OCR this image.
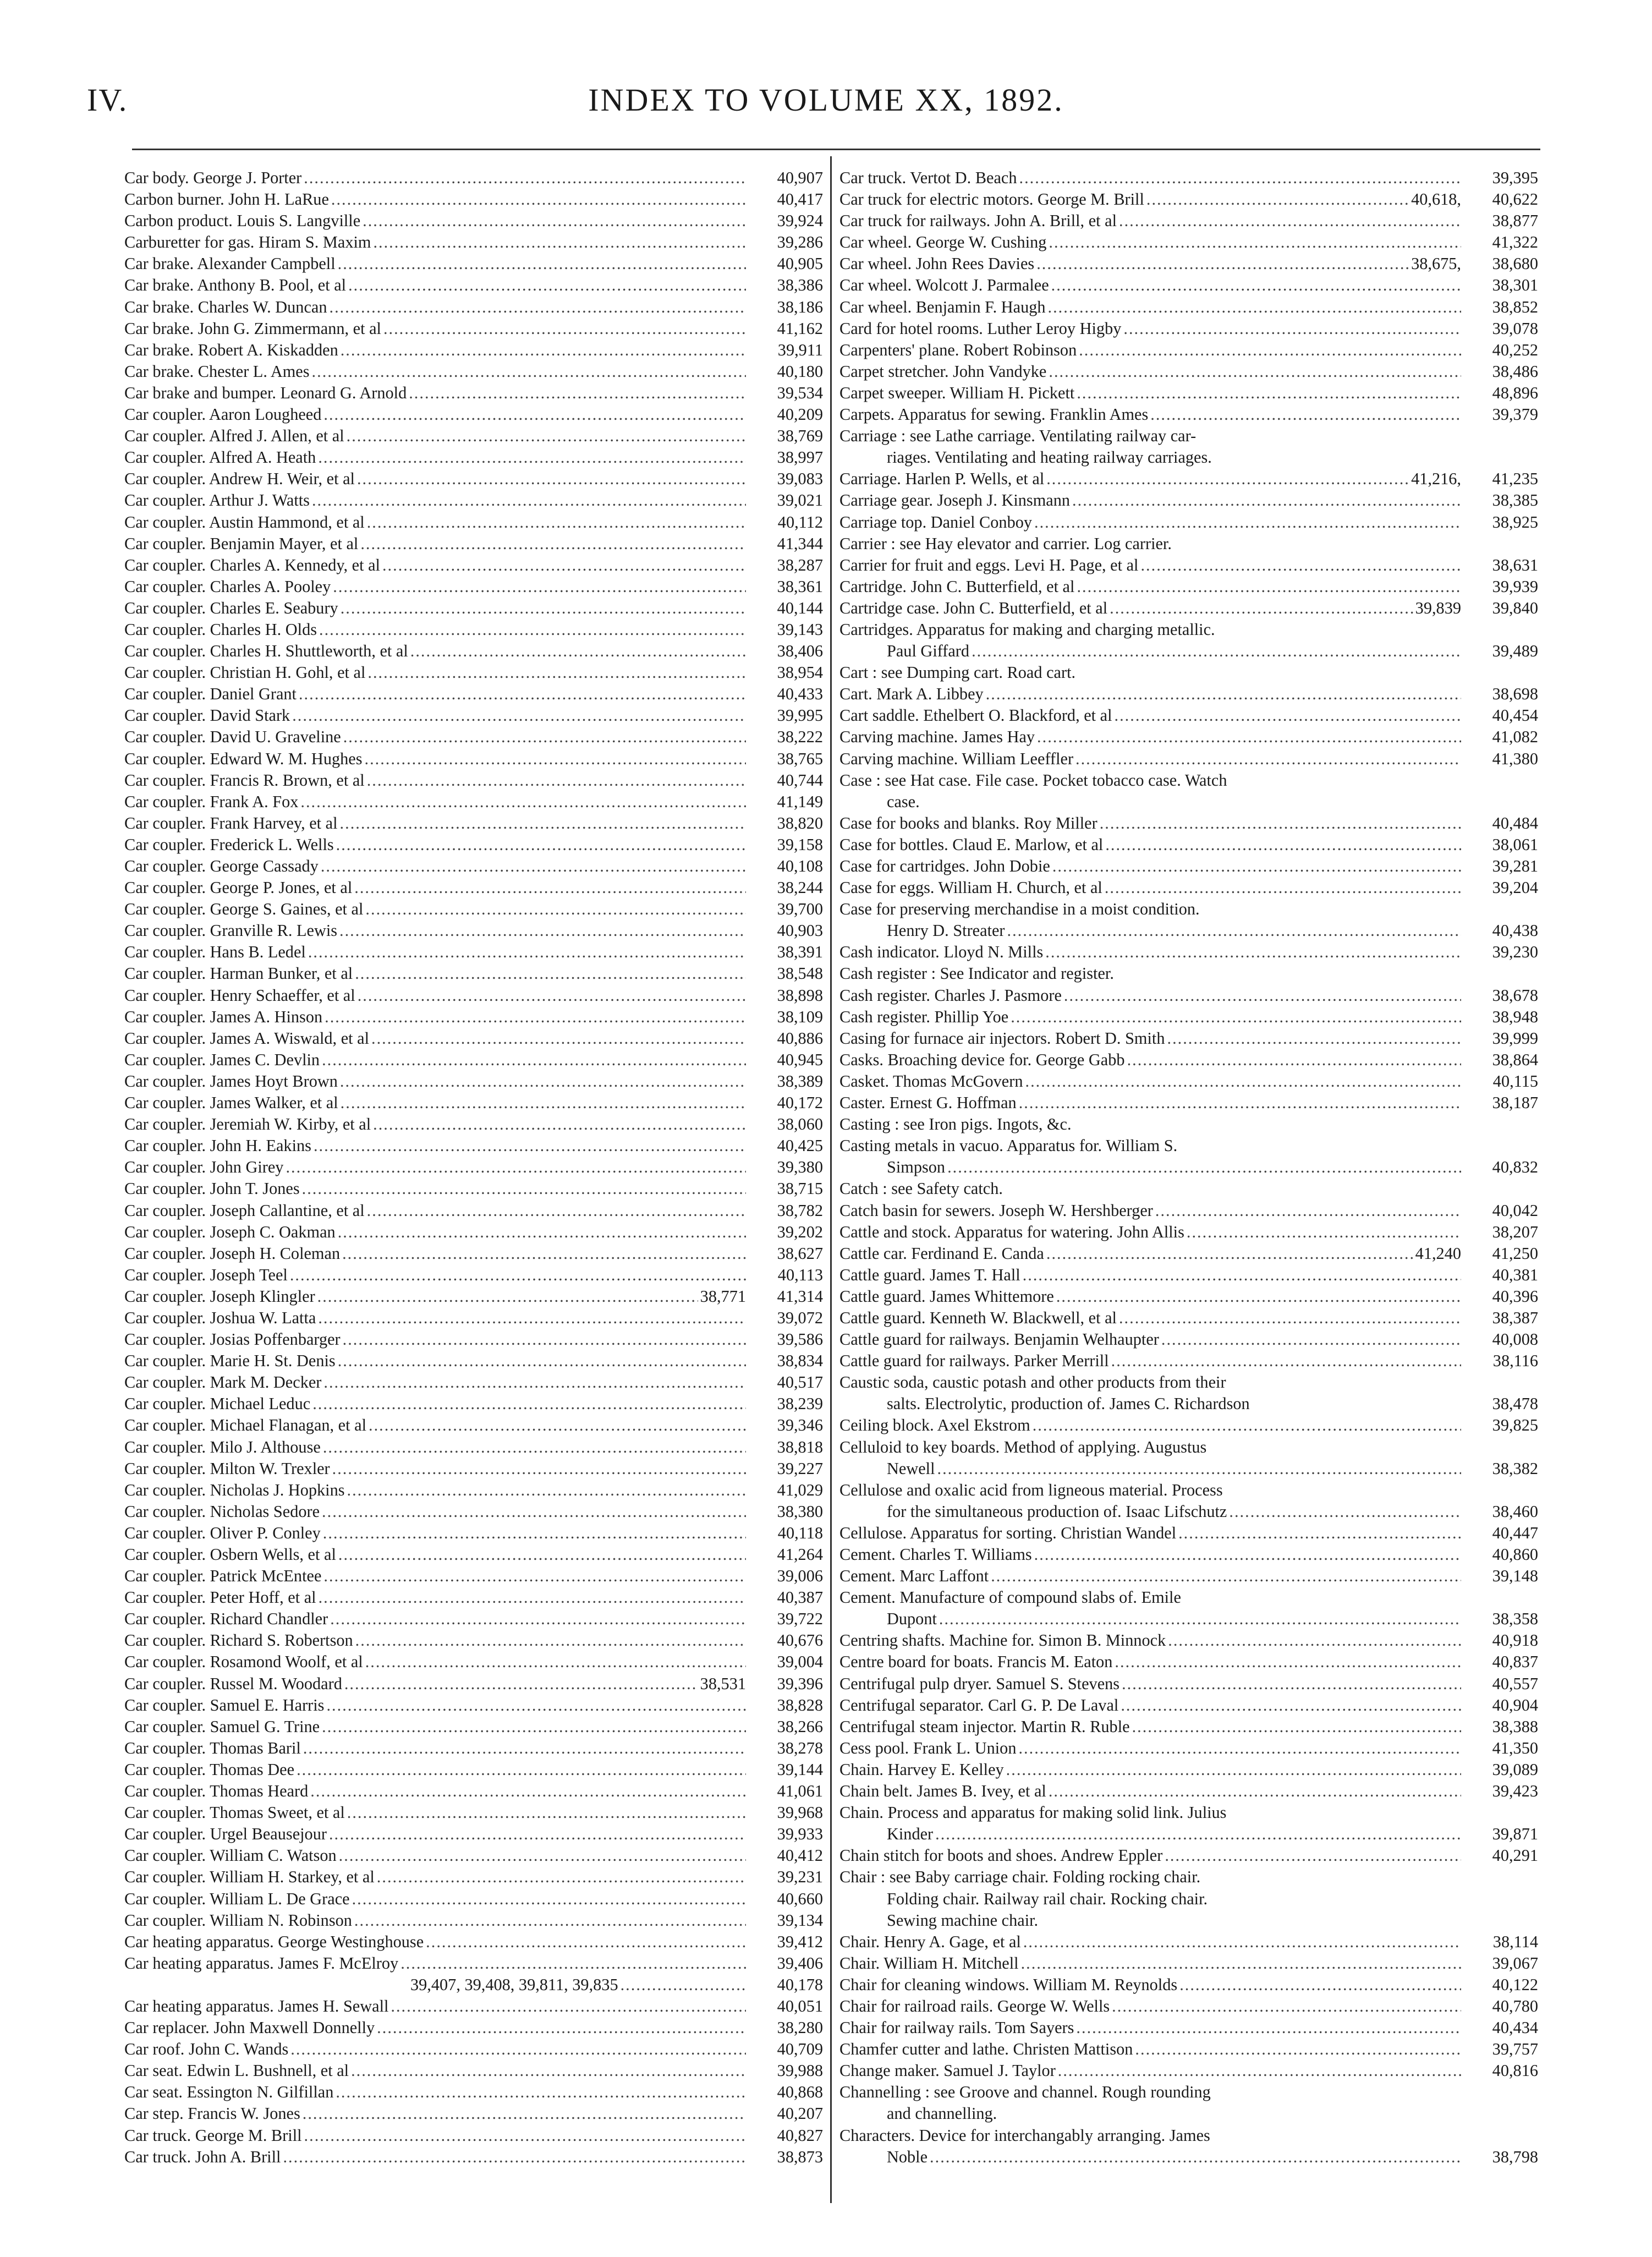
INDEX TO VOLUME XX, 1892.
IV.
Car body. George J. Porter .....	40,907
Carbon burner. John H. LaRue .....	40,417
Carbon product. Louis S. Langville .....	39,924
Carburetter for gas. Hiram S. Maxim .....	39,286
Car brake. Alexander Campbell .....	40,905
Car brake. Anthony B. Pool, et al .....	38,386
Car brake. Charles W. Duncan .....	38,186
Car brake. John G. Zimmermann, et al .....	41,162
Car brake. Robert A. Kiskadden .....	39,911
Car brake. Chester L. Ames .....	40,180
Car brake and bumper. Leonard G. Arnold .....	39,534
Car coupler. Aaron Lougheed .....	40,209
Car coupler. Alfred J. Allen, et al .....	38,769
Car coupler. Alfred A. Heath .....	38,997
Car coupler. Andrew H. Weir, et al .....	39,083
Car coupler. Arthur J. Watts .....	39,021
Car coupler. Austin Hammond, et al .....	40,112
Car coupler. Benjamin Mayer, et al .....	41,344
Car coupler. Charles A. Kennedy, et al .....	38,287
Car coupler. Charles A. Pooley .....	38,361
Car coupler. Charles E. Seabury .....	40,144
Car coupler. Charles H. Olds .....	39,143
Car coupler. Charles H. Shuttleworth, et al .....	38,406
Car coupler. Christian H. Gohl, et al .....	38,954
Car coupler. Daniel Grant .....	40,433
Car coupler. David Stark .....	39,995
Car coupler. David U. Graveline .....	38,222
Car coupler. Edward W. M. Hughes .....	38,765
Car coupler. Francis R. Brown, et al .....	40,744
Car coupler. Frank A. Fox .....	41,149
Car coupler. Frank Harvey, et al .....	38,820
Car coupler. Frederick L. Wells .....	39,158
Car coupler. George Cassady .....	40,108
Car coupler. George P. Jones, et al .....	38,244
Car coupler. George S. Gaines, et al .....	39,700
Car coupler. Granville R. Lewis .....	40,903
Car coupler. Hans B. Ledel .....	38,391
Car coupler. Harman Bunker, et al .....	38,548
Car coupler. Henry Schaeffer, et al .....	38,898
Car coupler. James A. Hinson .....	38,109
Car coupler. James A. Wiswald, et al .....	40,886
Car coupler. James C. Devlin .....	40,945
Car coupler. James Hoyt Brown .....	38,389
Car coupler. James Walker, et al .....	40,172
Car coupler. Jeremiah W. Kirby, et al .....	38,060
Car coupler. John H. Eakins .....	40,425
Car coupler. John Girey .....	39,380
Car coupler. John T. Jones .....	38,715
Car coupler. Joseph Callantine, et al .....	38,782
Car coupler. Joseph C. Oakman .....	39,202
Car coupler. Joseph H. Coleman .....	38,627
Car coupler. Joseph Teel .....	40,113
Car coupler. Joseph Klingler .....	38,771	41,314
Car coupler. Joshua W. Latta .....	39,072
Car coupler. Josias Poffenbarger .....	39,586
Car coupler. Marie H. St. Denis .....	38,834
Car coupler. Mark M. Decker .....	40,517
Car coupler. Michael Leduc .....	38,239
Car coupler. Michael Flanagan, et al .....	39,346
Car coupler. Milo J. Althouse .....	38,818
Car coupler. Milton W. Trexler .....	39,227
Car coupler. Nicholas J. Hopkins .....	41,029
Car coupler. Nicholas Sedore .....	38,380
Car coupler. Oliver P. Conley .....	40,118
Car coupler. Osbern Wells, et al .....	41,264
Car coupler. Patrick McEntee .....	39,006
Car coupler. Peter Hoff, et al .....	40,387
Car coupler. Richard Chandler .....	39,722
Car coupler. Richard S. Robertson .....	40,676
Car coupler. Rosamond Woolf, et al .....	39,004
Car coupler. Russel M. Woodard .....	38,531	39,396
Car coupler. Samuel E. Harris .....	38,828
Car coupler. Samuel G. Trine .....	38,266
Car coupler. Thomas Baril .....	38,278
Car coupler. Thomas Dee .....	39,144
Car coupler. Thomas Heard .....	41,061
Car coupler. Thomas Sweet, et al .....	39,968
Car coupler. Urgel Beausejour .....	39,933
Car coupler. William C. Watson .....	40,412
Car coupler. William H. Starkey, et al .....	39,231
Car coupler. William L. De Grace .....	40,660
Car coupler. William N. Robinson .....	39,134
Car heating apparatus. George Westinghouse .....	39,412
Car heating apparatus. James F. McElroy .....	39,406
39,407, 39,408, 39,811, 39,835 .....	40,178
Car heating apparatus. James H. Sewall .....	40,051
Car replacer. John Maxwell Donnelly .....	38,280
Car roof. John C. Wands .....	40,709
Car seat. Edwin L. Bushnell, et al .....	39,988
Car seat. Essington N. Gilfillan .....	40,868
Car step. Francis W. Jones .....	40,207
Car truck. George M. Brill .....	40,827
Car truck. John A. Brill .....	38,873
Car truck. Vertot D. Beach .....	39,395
Car truck for electric motors. George M. Brill .....	40,618,	40,622
Car truck for railways. John A. Brill, et al .....	38,877
Car wheel. George W. Cushing .....	41,322
Car wheel. John Rees Davies .....	38,675,	38,680
Car wheel. Wolcott J. Parmalee .....	38,301
Car wheel. Benjamin F. Haugh .....	38,852
Card for hotel rooms. Luther Leroy Higby .....	39,078
Carpenters' plane. Robert Robinson .....	40,252
Carpet stretcher. John Vandyke .....	38,486
Carpet sweeper. William H. Pickett .....	48,896
Carpets. Apparatus for sewing. Franklin Ames .....	39,379
Carriage : see Lathe carriage. Ventilating railway car-
riages. Ventilating and heating railway carriages.
Carriage. Harlen P. Wells, et al .....	41,216,	41,235
Carriage gear. Joseph J. Kinsmann .....	38,385
Carriage top. Daniel Conboy .....	38,925
Carrier : see Hay elevator and carrier. Log carrier.
Carrier for fruit and eggs. Levi H. Page, et al .....	38,631
Cartridge. John C. Butterfield, et al .....	39,939
Cartridge case. John C. Butterfield, et al .....	39,839	39,840
Cartridges. Apparatus for making and charging metallic.
Paul Giffard .....	39,489
Cart : see Dumping cart. Road cart.
Cart. Mark A. Libbey .....	38,698
Cart saddle. Ethelbert O. Blackford, et al .....	40,454
Carving machine. James Hay .....	41,082
Carving machine. William Leeffler .....	41,380
Case : see Hat case. File case. Pocket tobacco case. Watch
case.
Case for books and blanks. Roy Miller .....	40,484
Case for bottles. Claud E. Marlow, et al .....	38,061
Case for cartridges. John Dobie .....	39,281
Case for eggs. William H. Church, et al .....	39,204
Case for preserving merchandise in a moist condition.
Henry D. Streater .....	40,438
Cash indicator. Lloyd N. Mills .....	39,230
Cash register : See Indicator and register.
Cash register. Charles J. Pasmore .....	38,678
Cash register. Phillip Yoe .....	38,948
Casing for furnace air injectors. Robert D. Smith .....	39,999
Casks. Broaching device for. George Gabb .....	38,864
Casket. Thomas McGovern .....	40,115
Caster. Ernest G. Hoffman .....	38,187
Casting : see Iron pigs. Ingots, &c.
Casting metals in vacuo. Apparatus for. William S.
Simpson .....	40,832
Catch : see Safety catch.
Catch basin for sewers. Joseph W. Hershberger .....	40,042
Cattle and stock. Apparatus for watering. John Allis .....	38,207
Cattle car. Ferdinand E. Canda .....	41,240	41,250
Cattle guard. James T. Hall .....	40,381
Cattle guard. James Whittemore .....	40,396
Cattle guard. Kenneth W. Blackwell, et al .....	38,387
Cattle guard for railways. Benjamin Welhaupter .....	40,008
Cattle guard for railways. Parker Merrill .....	38,116
Caustic soda, caustic potash and other products from their
salts. Electrolytic, production of. James C. Richardson	38,478
Ceiling block. Axel Ekstrom .....	39,825
Celluloid to key boards. Method of applying. Augustus
Newell .....	38,382
Cellulose and oxalic acid from ligneous material. Process
for the simultaneous production of. Isaac Lifschutz .....	38,460
Cellulose. Apparatus for sorting. Christian Wandel .....	40,447
Cement. Charles T. Williams .....	40,860
Cement. Marc Laffont .....	39,148
Cement. Manufacture of compound slabs of. Emile
Dupont .....	38,358
Centring shafts. Machine for. Simon B. Minnock .....	40,918
Centre board for boats. Francis M. Eaton .....	40,837
Centrifugal pulp dryer. Samuel S. Stevens .....	40,557
Centrifugal separator. Carl G. P. De Laval .....	40,904
Centrifugal steam injector. Martin R. Ruble .....	38,388
Cess pool. Frank L. Union .....	41,350
Chain. Harvey E. Kelley .....	39,089
Chain belt. James B. Ivey, et al .....	39,423
Chain. Process and apparatus for making solid link. Julius
Kinder .....	39,871
Chain stitch for boots and shoes. Andrew Eppler .....	40,291
Chair : see Baby carriage chair. Folding rocking chair.
Folding chair. Railway rail chair. Rocking chair.
Sewing machine chair.
Chair. Henry A. Gage, et al .....	38,114
Chair. William H. Mitchell .....	39,067
Chair for cleaning windows. William M. Reynolds .....	40,122
Chair for railroad rails. George W. Wells .....	40,780
Chair for railway rails. Tom Sayers .....	40,434
Chamfer cutter and lathe. Christen Mattison .....	39,757
Change maker. Samuel J. Taylor .....	40,816
Channelling : see Groove and channel. Rough rounding
and channelling.
Characters. Device for interchangably arranging. James
Noble .....	38,798
